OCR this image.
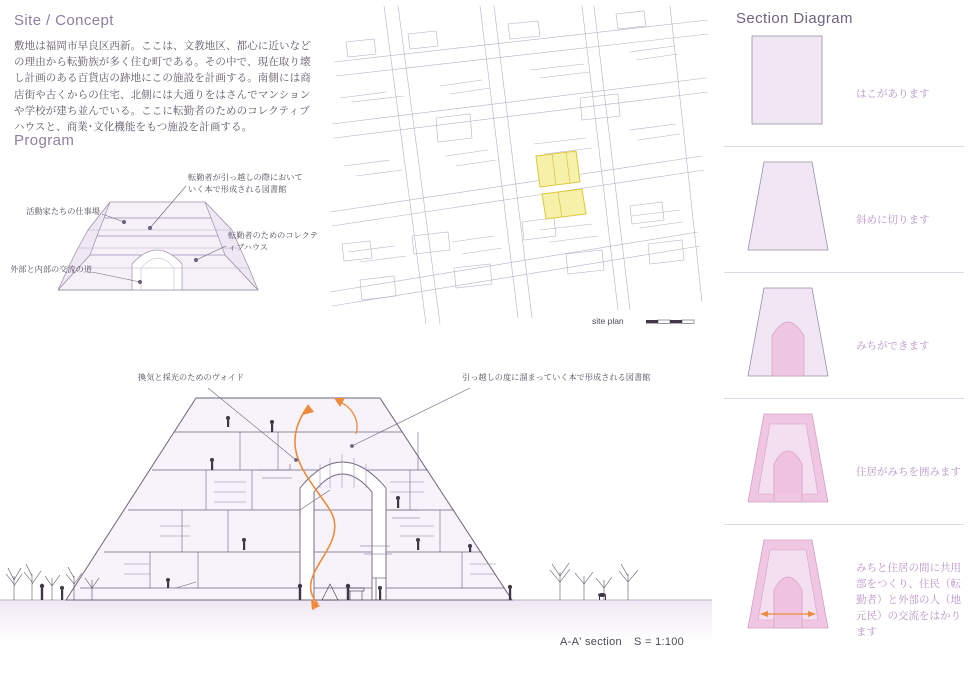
Site / Concept
敷地は福岡市早良区西新。ここは、文教地区、都心に近いなどの理由から転勤族が多く住む町である。その中で、現在取り壊し計画のある百貨店の跡地にこの施設を計画する。南側には商店街や古くからの住宅、北側には大通りをはさんでマンションや学校が建ち並んでいる。ここに転勤者のためのコレクティブハウスと、商業･文化機能をもつ施設を計画する。
Program
転勤者が引っ越しの際においていく本で形成される図書館
転勤者のためのコレクティブハウス
活動家たちの仕事場
外部と内部の交流の道
site plan
換気と採光のためのヴォイド	引っ越しの度に溜まっていく本で形成される図書館
A-A' section S = 1:100
Section Diagram
はこがあります
斜めに切ります
みちができます
住居がみちを囲みます
みちと住居の間に共用部をつくり、住民（転勤者）と外部の人（地元民）の交流をはかります
